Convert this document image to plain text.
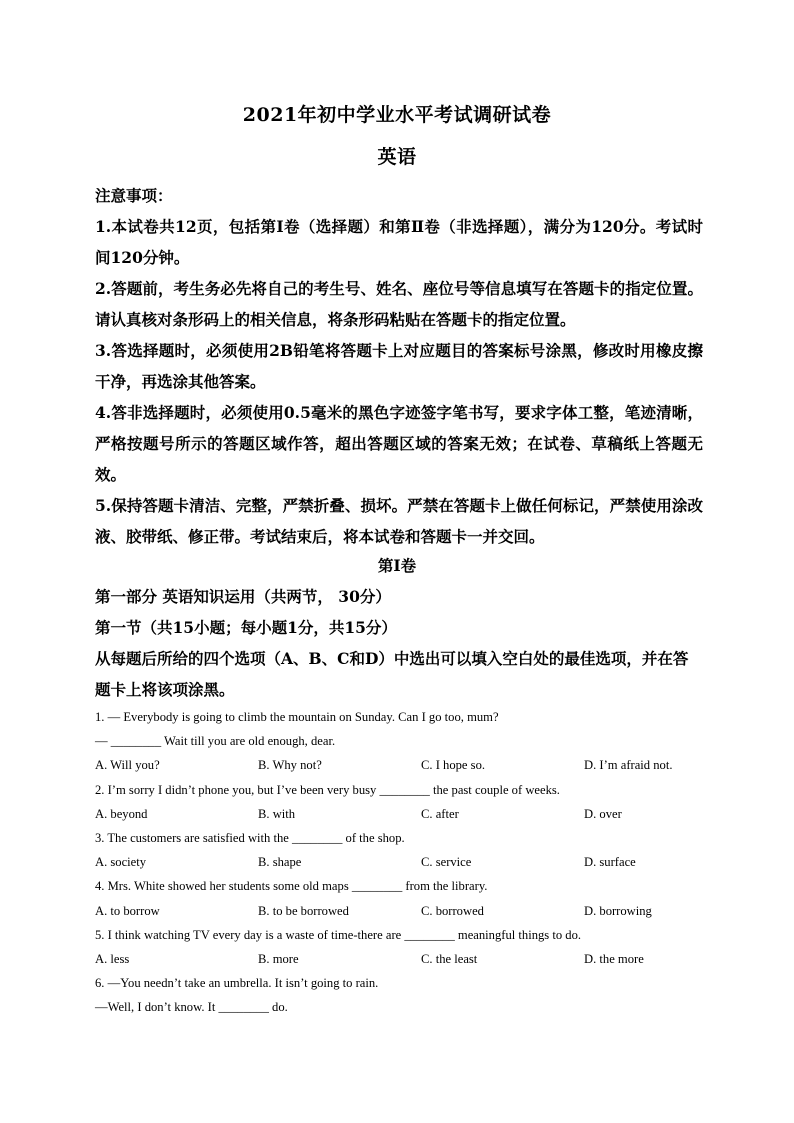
2021年初中学业水平考试调研试卷
英语

注意事项：

1.本试卷共12页，包括第Ⅰ卷（选择题）和第Ⅱ卷（非选择题），满分为120分。考试时间120分钟。

2.答题前，考生务必先将自己的考生号、姓名、座位号等信息填写在答题卡的指定位置。请认真核对条形码上的相关信息，将条形码粘贴在答题卡的指定位置。

3.答选择题时，必须使用2B铅笔将答题卡上对应题目的答案标号涂黑，修改时用橡皮擦干净，再选涂其他答案。

4.答非选择题时，必须使用0.5毫米的黑色字迹签字笔书写，要求字体工整，笔迹清晰，严格按题号所示的答题区域作答，超出答题区域的答案无效；在试卷、草稿纸上答题无效。

5.保持答题卡清洁、完整，严禁折叠、损坏。严禁在答题卡上做任何标记，严禁使用涂改液、胶带纸、修正带。考试结束后，将本试卷和答题卡一并交回。

第Ⅰ卷

第一部分 英语知识运用（共两节， 30分）

第一节（共15小题；每小题1分，共15分）

从每题后所给的四个选项（A、B、C和D）中选出可以填入空白处的最佳选项，并在答题卡上将该项涂黑。

1. — Everybody is going to climb the mountain on Sunday. Can I go too, mum?
— ________ Wait till you are old enough, dear.
A. Will you?	B. Why not?	C. I hope so.	D. I’m afraid not.
2. I’m sorry I didn’t phone you, but I’ve been very busy ________ the past couple of weeks.
A. beyond	B. with	C. after	D. over
3. The customers are satisfied with the ________ of the shop.
A. society	B. shape	C. service	D. surface
4. Mrs. White showed her students some old maps ________ from the library.
A. to borrow	B. to be borrowed	C. borrowed	D. borrowing
5. I think watching TV every day is a waste of time-there are ________ meaningful things to do.
A. less	B. more	C. the least	D. the more
6. —You needn’t take an umbrella. It isn’t going to rain.
—Well, I don’t know. It ________ do.
